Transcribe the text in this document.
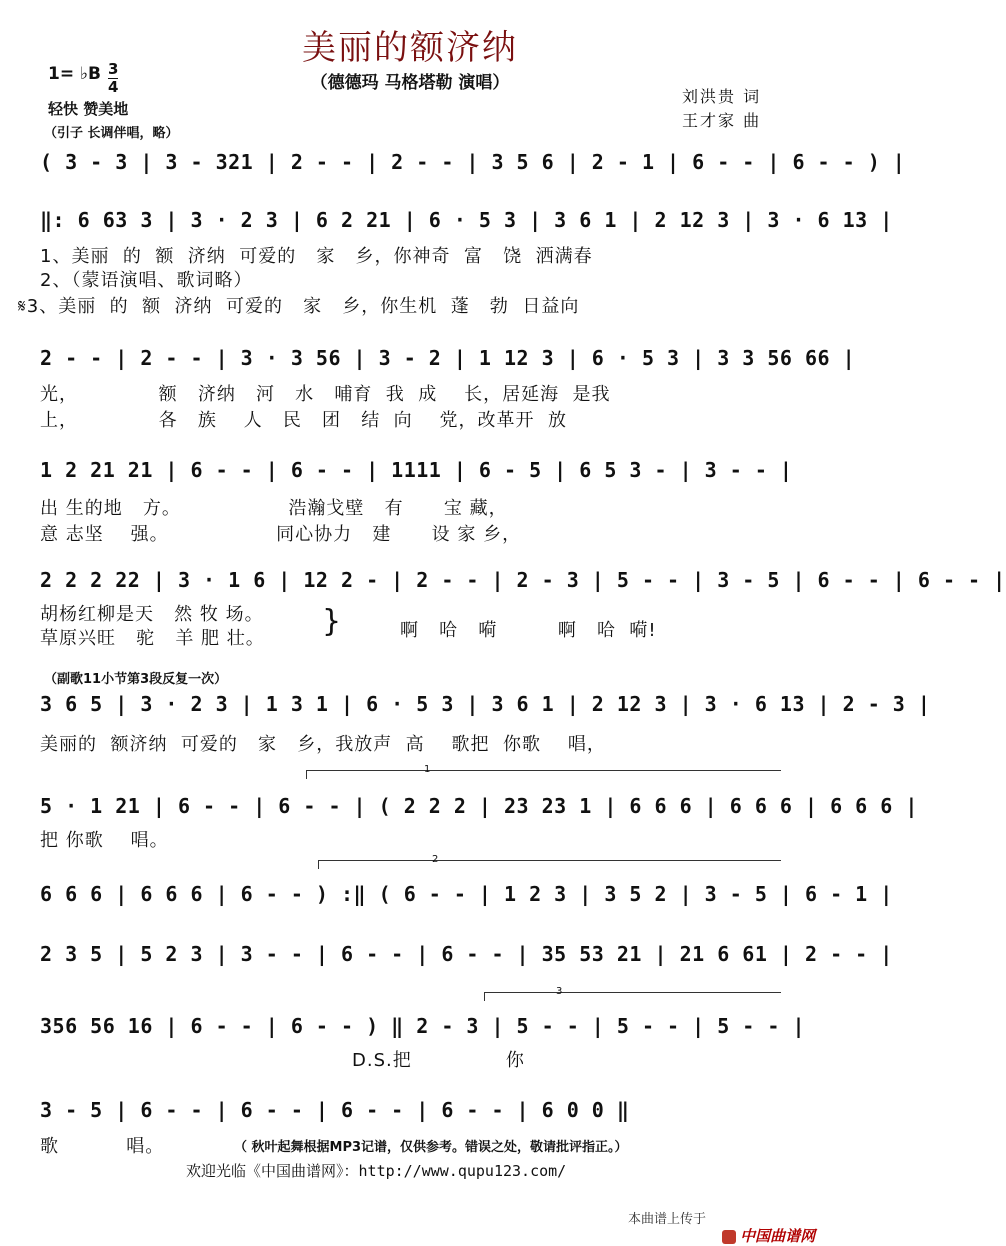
美丽的额济纳
（德德玛 马格塔勒 演唱）
1= ♭B 3
4
轻快 赞美地
（引子 长调伴唱，略）
刘洪贵 词
王才家 曲
( 3 - 3 | 3 - 321 | 2 - - | 2 - - | 3 5 6 | 2 - 1 | 6 - - | 6 - - ) |
‖: 6 63 3 | 3 · 2 3 | 6 2 21 | 6 · 5 3 | 3 6 1 | 2 12 3 | 3 · 6 13 |
1、美丽  的  额  济纳  可爱的   家   乡，你神奇  富   饶  洒满春
2、（蒙语演唱、歌词略）
𝄋3、美丽  的  额  济纳  可爱的   家   乡，你生机  蓬   勃  日益向
2 - - | 2 - - | 3 · 3 56 | 3 - 2 | 1 12 3 | 6 · 5 3 | 3 3 56 66 |
光，            额   济纳   河   水   哺育  我  成    长，居延海  是我
上，            各   族    人   民   团   结  向    党，改革开  放
1 2 21 21 | 6 - - | 6 - - | 1111 | 6 - 5 | 6 5 3 - | 3 - - |
出 生的地   方。                浩瀚戈壁   有      宝 藏，
意 志坚    强。                同心协力   建      设 家 乡，
2 2 2 22 | 3 · 1 6 | 12 2 - | 2 - - | 2 - 3 | 5 - - | 3 - 5 | 6 - - | 6 - - |
胡杨红柳是天   然 牧 场。
草原兴旺   驼   羊 肥 壮。 }	啊   哈   嗬         啊   哈  嗬!
（副歌11小节第3段反复一次）
3 6 5 | 3 · 2 3 | 1 3 1 | 6 · 5 3 | 3 6 1 | 2 12 3 | 3 · 6 13 | 2 - 3 |
美丽的  额济纳  可爱的   家   乡，我放声  高    歌把  你歌    唱，
1
5 · 1 21 | 6 - - | 6 - - | ( 2 2 2 | 23 23 1 | 6 6 6 | 6 6 6 | 6 6 6 |
把 你歌    唱。
2
6 6 6 | 6 6 6 | 6 - - ) :‖ ( 6 - - | 1 2 3 | 3 5 2 | 3 - 5 | 6 - 1 |
2 3 5 | 5 2 3 | 3 - - | 6 - - | 6 - - | 35 53 21 | 21 6 61 | 2 - - |
3
356 56 16 | 6 - - | 6 - - ) ‖ 2 - 3 | 5 - - | 5 - - | 5 - - |
D.S.把              你
3 - 5 | 6 - - | 6 - - | 6 - - | 6 - - | 6 0 0 ‖
歌          唱。	（ 秋叶起舞根据MP3记谱，仅供参考。错误之处，敬请批评指正。）
欢迎光临《中国曲谱网》：http://www.qupu123.com/
本曲谱上传于

中国曲谱网
